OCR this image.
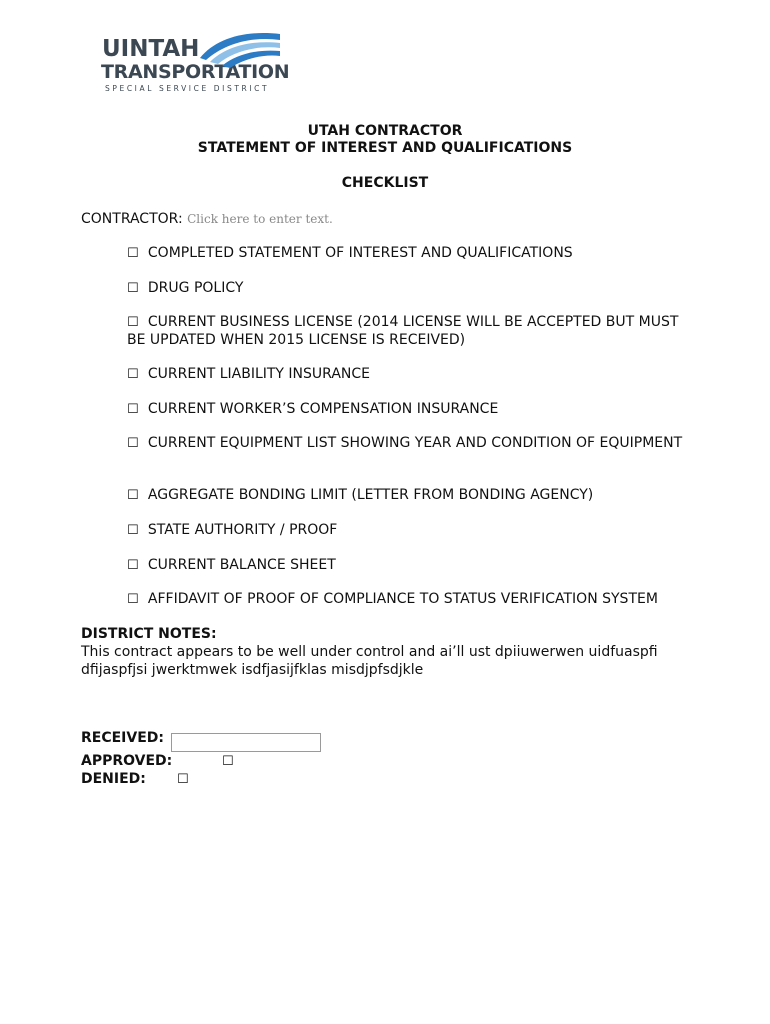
UINTAH
TRANSPORTATION
SPECIAL SERVICE DISTRICT
UTAH CONTRACTOR
STATEMENT OF INTEREST AND QUALIFICATIONS
CHECKLIST
CONTRACTOR: Click here to enter text.
☐ COMPLETED STATEMENT OF INTEREST AND QUALIFICATIONS
☐ DRUG POLICY
☐ CURRENT BUSINESS LICENSE (2014 LICENSE WILL BE ACCEPTED BUT MUST BE UPDATED WHEN 2015 LICENSE IS RECEIVED)
☐ CURRENT LIABILITY INSURANCE
☐ CURRENT WORKER’S COMPENSATION INSURANCE
☐ CURRENT EQUIPMENT LIST SHOWING YEAR AND CONDITION OF EQUIPMENT
☐ AGGREGATE BONDING LIMIT (LETTER FROM BONDING AGENCY)
☐ STATE AUTHORITY / PROOF
☐ CURRENT BALANCE SHEET
☐ AFFIDAVIT OF PROOF OF COMPLIANCE TO STATUS VERIFICATION SYSTEM
DISTRICT NOTES:
This contract appears to be well under control and ai’ll ust dpiiuwerwen uidfuaspfi dfijaspfjsi jwerktmwek isdfjasijfklas misdjpfsdjkle
RECEIVED:
APPROVED:	☐
DENIED: ☐
